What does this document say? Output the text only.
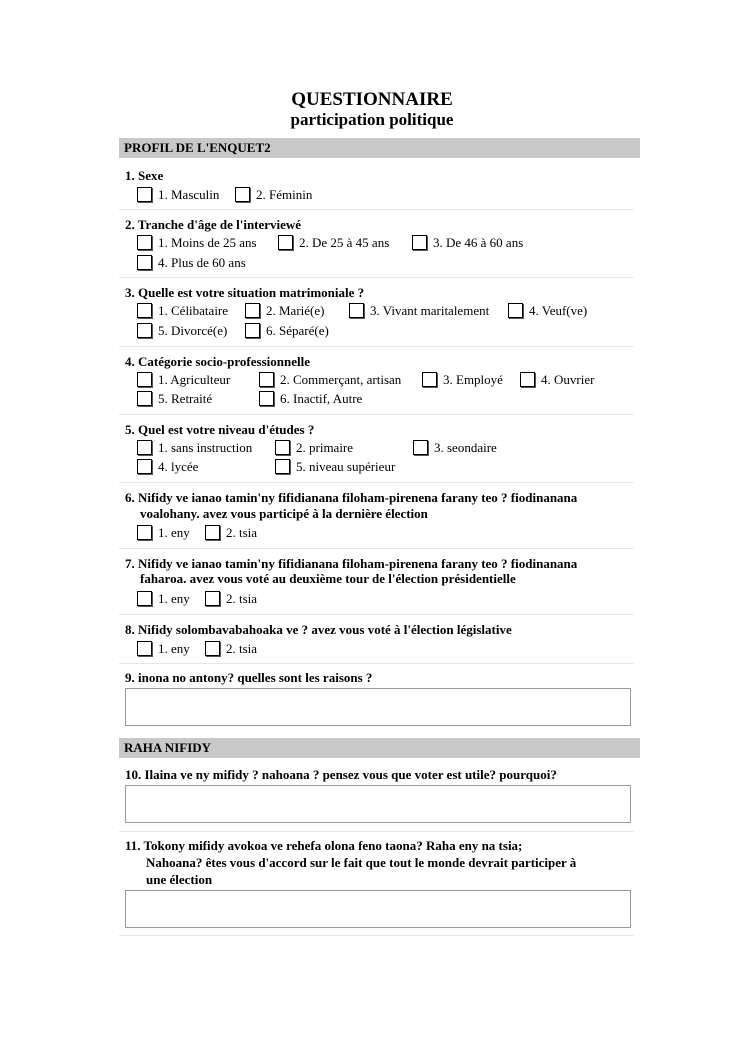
QUESTIONNAIRE
participation politique
PROFIL DE L'ENQUET2
1. Sexe
1. Masculin	2. Féminin
2. Tranche d'âge de l'interviewé
1. Moins de 25 ans	2. De 25 à 45 ans	3. De 46 à 60 ans
4. Plus de 60 ans
3. Quelle est votre situation matrimoniale ?
1. Célibataire	2. Marié(e)	3. Vivant maritalement	4. Veuf(ve)
5. Divorcé(e)	6. Séparé(e)
4. Catégorie socio-professionnelle
1. Agriculteur	2. Commerçant, artisan	3. Employé	4. Ouvrier
5. Retraité	6. Inactif, Autre
5. Quel est votre niveau d'études ?
1. sans instruction	2. primaire	3. seondaire
4. lycée	5. niveau supérieur
6. Nifidy ve ianao tamin'ny fifidianana filoham-pirenena farany teo ? fiodinanana
voalohany. avez vous participé à la dernière élection
1. eny	2. tsia
7. Nifidy ve ianao tamin'ny fifidianana filoham-pirenena farany teo ? fiodinanana
faharoa. avez vous voté au deuxième tour de l'élection présidentielle
1. eny	2. tsia
8. Nifidy solombavabahoaka ve ? avez vous voté à l'élection législative
1. eny	2. tsia
9. inona no antony? quelles sont les raisons ?
RAHA NIFIDY
10. Ilaina ve ny mifidy ? nahoana ? pensez vous que voter est utile? pourquoi?
11. Tokony mifidy avokoa ve rehefa olona feno taona? Raha eny na tsia;
Nahoana? êtes vous d'accord sur le fait que tout le monde devrait participer à
une élection
